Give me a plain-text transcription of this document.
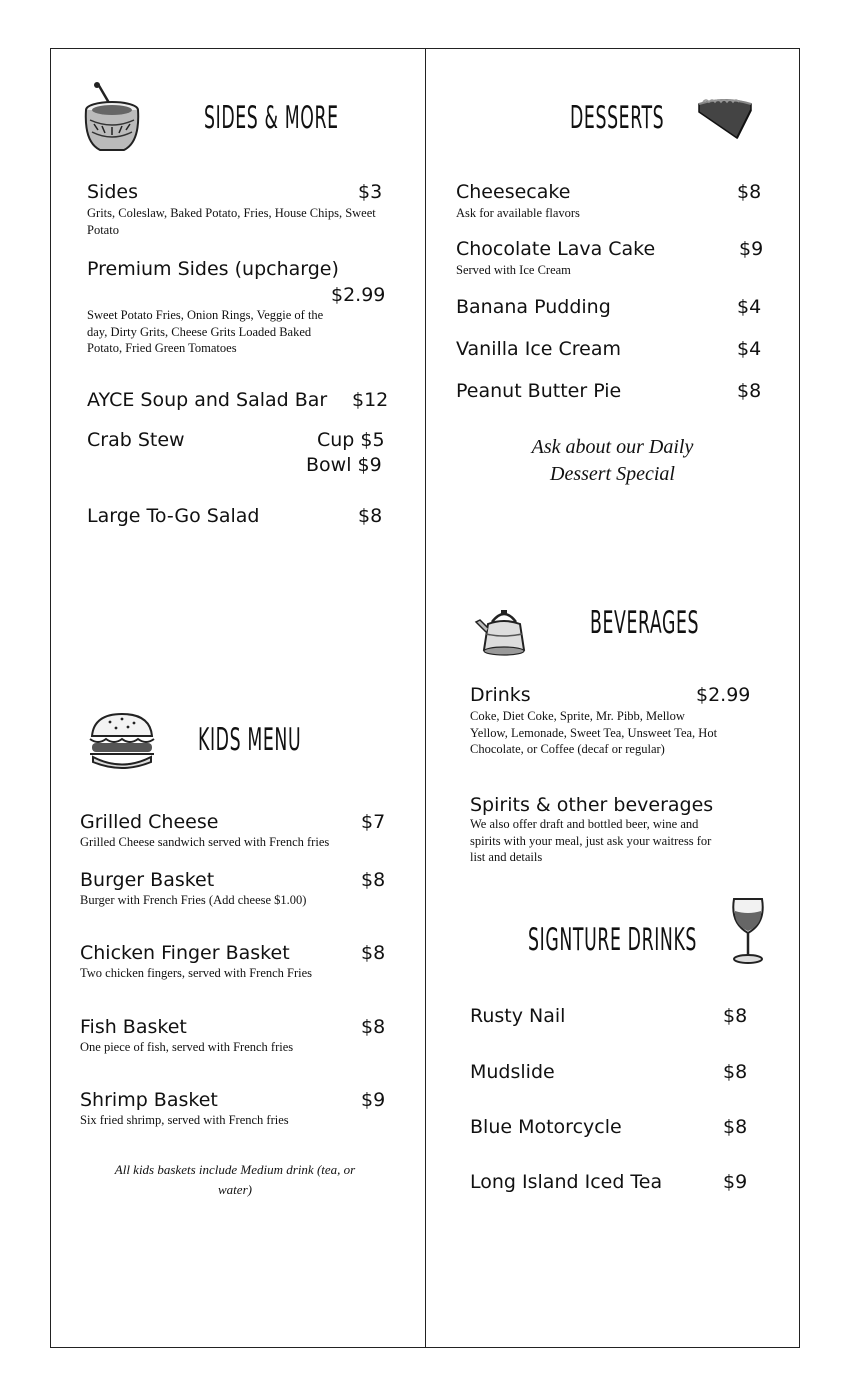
SIDES & MORE
Sides	$3
Grits, Coleslaw, Baked Potato, Fries, House Chips, Sweet Potato
Premium Sides (upcharge)
$2.99
Sweet Potato Fries, Onion Rings, Veggie of the day, Dirty Grits, Cheese Grits Loaded Baked Potato, Fried Green Tomatoes
AYCE Soup and Salad Bar $12
Crab Stew	Cup $5
Bowl $9
Large To-Go Salad	$8
KIDS MENU
Grilled Cheese	$7
Grilled Cheese sandwich served with French fries
Burger Basket	$8
Burger with French Fries (Add cheese $1.00)
Chicken Finger Basket	$8
Two chicken fingers, served with French Fries
Fish Basket	$8
One piece of fish, served with French fries
Shrimp Basket	$9
Six fried shrimp, served with French fries
All kids baskets include Medium drink (tea, or water)
DESSERTS
Cheesecake	$8
Ask for available flavors
Chocolate Lava Cake	$9
Served with Ice Cream
Banana Pudding	$4
Vanilla Ice Cream	$4
Peanut Butter Pie	$8
Ask about our Daily Dessert Special
BEVERAGES
Drinks	$2.99
Coke, Diet Coke, Sprite, Mr. Pibb, Mellow Yellow, Lemonade, Sweet Tea, Unsweet Tea, Hot Chocolate, or Coffee (decaf or regular)
Spirits & other beverages
We also offer draft and bottled beer, wine and spirits with your meal, just ask your waitress for list and details
SIGNTURE DRINKS
Rusty Nail	$8
Mudslide	$8
Blue Motorcycle	$8
Long Island Iced Tea	$9
